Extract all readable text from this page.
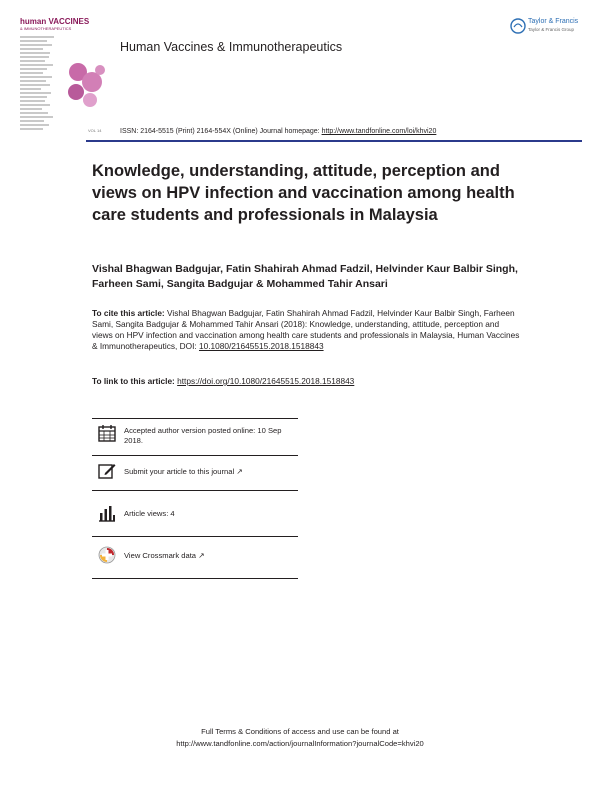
human VACCINES
& IMMUNOTHERAPEUTICS
VOL 14
Human Vaccines & Immunotherapeutics
Taylor & Francis
Taylor & Francis Group
ISSN: 2164-5515 (Print) 2164-554X (Online) Journal homepage: http://www.tandfonline.com/loi/khvi20
Knowledge, understanding, attitude, perception and views on HPV infection and vaccination among health care students and professionals in Malaysia
Vishal Bhagwan Badgujar, Fatin Shahirah Ahmad Fadzil, Helvinder Kaur Balbir Singh, Farheen Sami, Sangita Badgujar & Mohammed Tahir Ansari
To cite this article: Vishal Bhagwan Badgujar, Fatin Shahirah Ahmad Fadzil, Helvinder Kaur Balbir Singh, Farheen Sami, Sangita Badgujar & Mohammed Tahir Ansari (2018): Knowledge, understanding, attitude, perception and views on HPV infection and vaccination among health care students and professionals in Malaysia, Human Vaccines & Immunotherapeutics, DOI: 10.1080/21645515.2018.1518843
To link to this article: https://doi.org/10.1080/21645515.2018.1518843
Accepted author version posted online: 10 Sep 2018.
Submit your article to this journal ↗
Article views: 4
View Crossmark data ↗
Full Terms & Conditions of access and use can be found at
http://www.tandfonline.com/action/journalInformation?journalCode=khvi20
